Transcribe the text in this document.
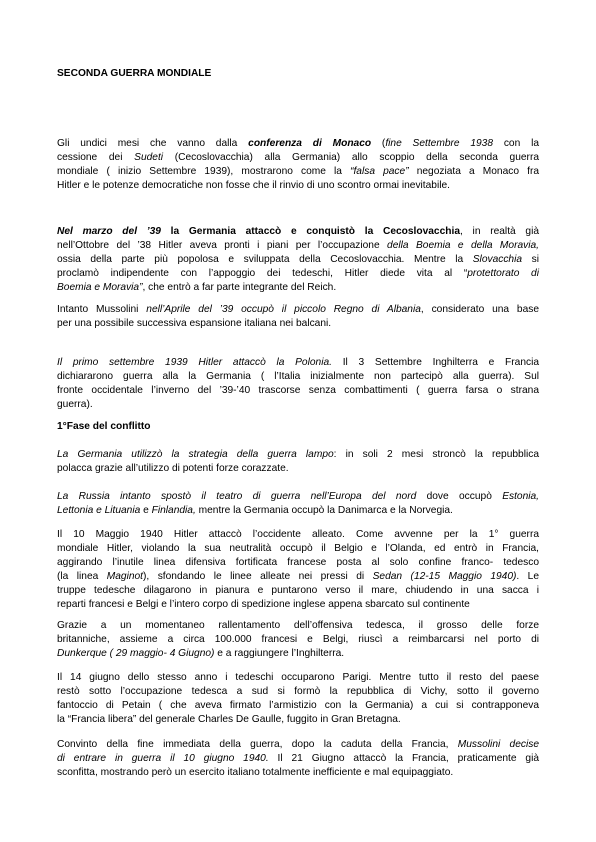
SECONDA GUERRA MONDIALE

Gli undici mesi che vanno dalla conferenza di Monaco (fine Settembre 1938 con la
cessione dei Sudeti (Cecoslovacchia) alla Germania) allo scoppio della seconda guerra
mondiale ( inizio Settembre 1939), mostrarono come la “falsa pace” negoziata a Monaco fra
Hitler e le potenze democratiche non fosse che il rinvio di uno scontro ormai inevitabile.

Nel marzo del ’39 la Germania attaccò e conquistò la Cecoslovacchia, in realtà già
nell’Ottobre del ’38 Hitler aveva pronti i piani per l’occupazione della Boemia e della Moravia,
ossia della parte più popolosa e sviluppata della Cecoslovacchia. Mentre la Slovacchia si
proclamò indipendente con l’appoggio dei tedeschi, Hitler diede vita al “protettorato di
Boemia e Moravia”, che entrò a far parte integrante del Reich.

Intanto Mussolini nell’Aprile del ’39 occupò il piccolo Regno di Albania, considerato una base
per una possibile successiva espansione italiana nei balcani.

Il primo settembre 1939 Hitler attaccò la Polonia. Il 3 Settembre Inghilterra e Francia
dichiararono guerra alla la Germania ( l’Italia inizialmente non partecipò alla guerra). Sul
fronte occidentale l’inverno del ’39-’40 trascorse senza combattimenti ( guerra farsa o strana
guerra).

1°Fase del conflitto

La Germania utilizzò la strategia della guerra lampo: in soli 2 mesi stroncò la repubblica
polacca grazie all’utilizzo di potenti forze corazzate.

La Russia intanto spostò il teatro di guerra nell’Europa del nord dove occupò Estonia,
Lettonia e Lituania e Finlandia, mentre la Germania occupò la Danimarca e la Norvegia.

Il 10 Maggio 1940 Hitler attaccò l’occidente alleato. Come avvenne per la 1° guerra
mondiale Hitler, violando la sua neutralità occupò il Belgio e l’Olanda, ed entrò in Francia,
aggirando l’inutile linea difensiva fortificata francese posta al solo confine franco- tedesco
(la linea Maginot), sfondando le linee alleate nei pressi di Sedan (12-15 Maggio 1940). Le
truppe tedesche dilagarono in pianura e puntarono verso il mare, chiudendo in una sacca i
reparti francesi e Belgi e l’intero corpo di spedizione inglese appena sbarcato sul continente

Grazie a un momentaneo rallentamento dell’offensiva tedesca, il grosso delle forze
britanniche, assieme a circa 100.000 francesi e Belgi, riuscì a reimbarcarsi nel porto di
Dunkerque ( 29 maggio- 4 Giugno) e a raggiungere l’Inghilterra.

Il 14 giugno dello stesso anno i tedeschi occuparono Parigi. Mentre tutto il resto del paese
restò sotto l’occupazione tedesca a sud si formò la repubblica di Vichy, sotto il governo
fantoccio di Petain ( che aveva firmato l’armistizio con la Germania) a cui si contrapponeva
la “Francia libera” del generale Charles De Gaulle, fuggito in Gran Bretagna.

Convinto della fine immediata della guerra, dopo la caduta della Francia, Mussolini decise
di entrare in guerra il 10 giugno 1940. Il 21 Giugno attaccò la Francia, praticamente già
sconfitta, mostrando però un esercito italiano totalmente inefficiente e mal equipaggiato.
